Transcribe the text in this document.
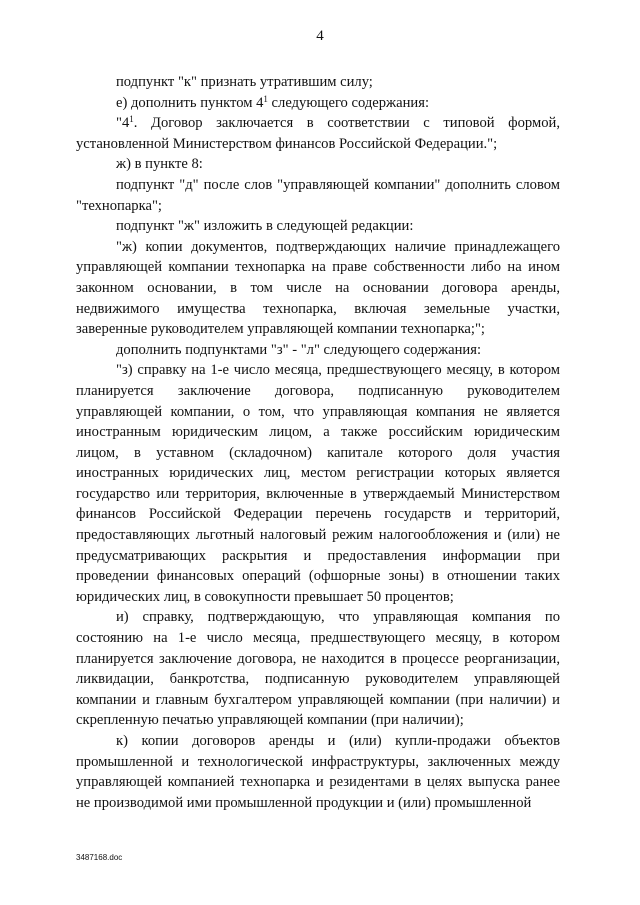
4

подпункт "к" признать утратившим силу;

е) дополнить пунктом $4^1$ следующего содержания:

"$4^1$. Договор заключается в соответствии с типовой формой, установленной Министерством финансов Российской Федерации.";

ж) в пункте 8:

подпункт "д" после слов "управляющей компании" дополнить словом "технопарка";

подпункт "ж" изложить в следующей редакции:

"ж) копии документов, подтверждающих наличие принадлежащего управляющей компании технопарка на праве собственности либо на ином законном основании, в том числе на основании договора аренды, недвижимого имущества технопарка, включая земельные участки, заверенные руководителем управляющей компании технопарка;";

дополнить подпунктами "з" - "л" следующего содержания:

"з) справку на 1-е число месяца, предшествующего месяцу, в котором планируется заключение договора, подписанную руководителем управляющей компании, о том, что управляющая компания не является иностранным юридическим лицом, а также российским юридическим лицом, в уставном (складочном) капитале которого доля участия иностранных юридических лиц, местом регистрации которых является государство или территория, включенные в утверждаемый Министерством финансов Российской Федерации перечень государств и территорий, предоставляющих льготный налоговый режим налогообложения и (или) не предусматривающих раскрытия и предоставления информации при проведении финансовых операций (офшорные зоны) в отношении таких юридических лиц, в совокупности превышает 50 процентов;

и) справку, подтверждающую, что управляющая компания по состоянию на 1-е число месяца, предшествующего месяцу, в котором планируется заключение договора, не находится в процессе реорганизации, ликвидации, банкротства, подписанную руководителем управляющей компании и главным бухгалтером управляющей компании (при наличии) и скрепленную печатью управляющей компании (при наличии);

к) копии договоров аренды и (или) купли-продажи объектов промышленной и технологической инфраструктуры, заключенных между управляющей компанией технопарка и резидентами в целях выпуска ранее не производимой ими промышленной продукции и (или) промышленной

3487168.doc
